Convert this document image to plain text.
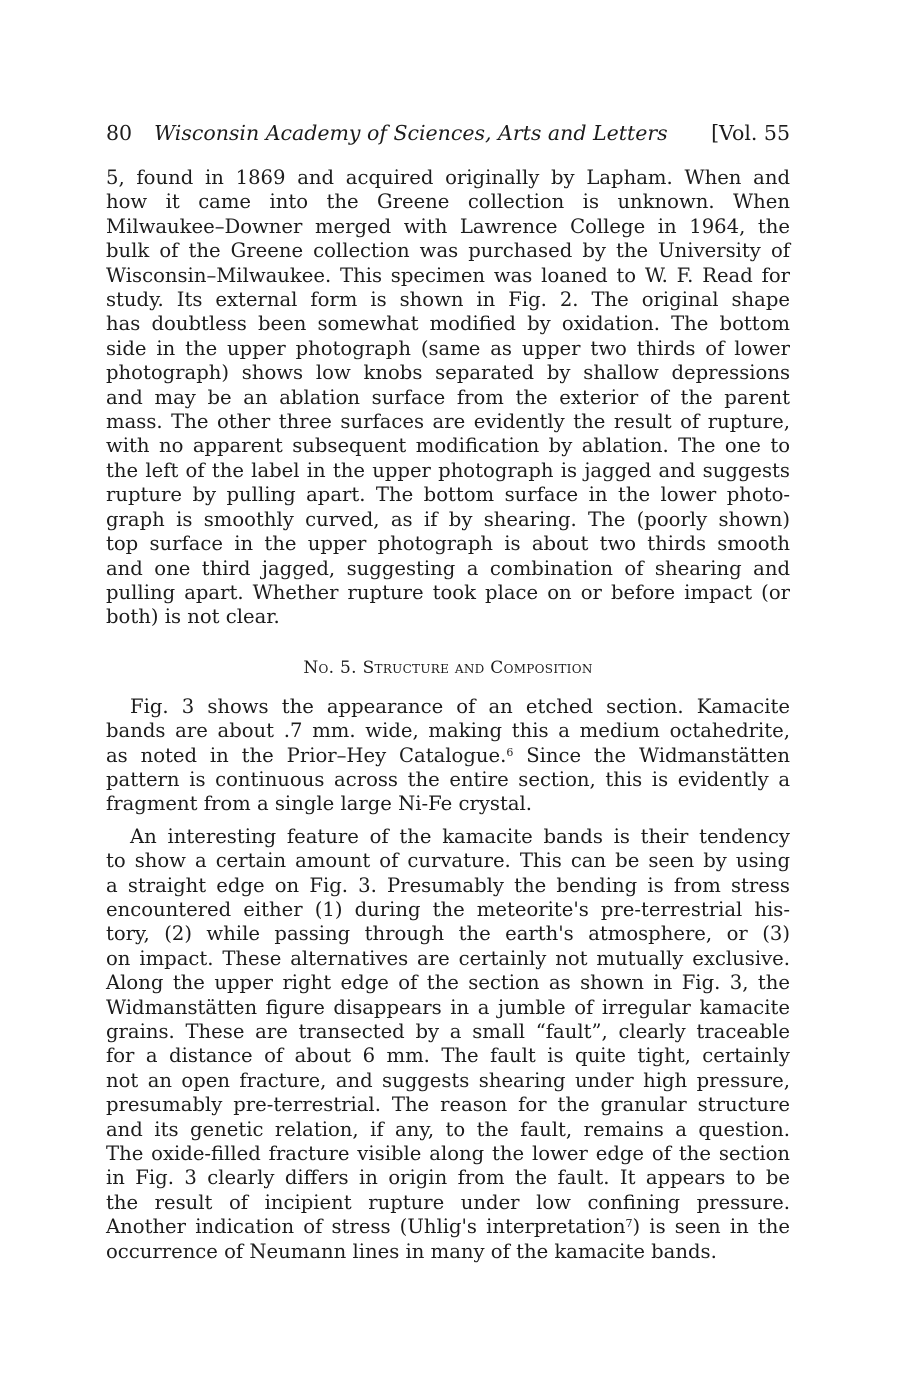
80 Wisconsin Academy of Sciences, Arts and Letters	[Vol. 55
5, found in 1869 and acquired originally by Lapham. When and
how it came into the Greene collection is unknown. When
Milwaukee–Downer merged with Lawrence College in 1964, the
bulk of the Greene collection was purchased by the University of
Wisconsin–Milwaukee. This specimen was loaned to W. F. Read for
study. Its external form is shown in Fig. 2. The original shape
has doubtless been somewhat modified by oxidation. The bottom
side in the upper photograph (same as upper two thirds of lower
photograph) shows low knobs separated by shallow depressions
and may be an ablation surface from the exterior of the parent
mass. The other three surfaces are evidently the result of rupture,
with no apparent subsequent modification by ablation. The one to
the left of the label in the upper photograph is jagged and suggests
rupture by pulling apart. The bottom surface in the lower photo-
graph is smoothly curved, as if by shearing. The (poorly shown)
top surface in the upper photograph is about two thirds smooth
and one third jagged, suggesting a combination of shearing and
pulling apart. Whether rupture took place on or before impact (or
both) is not clear.
No. 5. Structure and Composition
Fig. 3 shows the appearance of an etched section. Kamacite
bands are about .7 mm. wide, making this a medium octahedrite,
as noted in the Prior–Hey Catalogue.$^6$ Since the Widmanstätten
pattern is continuous across the entire section, this is evidently a
fragment from a single large Ni-Fe crystal.
An interesting feature of the kamacite bands is their tendency
to show a certain amount of curvature. This can be seen by using
a straight edge on Fig. 3. Presumably the bending is from stress
encountered either (1) during the meteorite's pre-terrestrial his-
tory, (2) while passing through the earth's atmosphere, or (3)
on impact. These alternatives are certainly not mutually exclusive.
Along the upper right edge of the section as shown in Fig. 3, the
Widmanstätten figure disappears in a jumble of irregular kamacite
grains. These are transected by a small “fault”, clearly traceable
for a distance of about 6 mm. The fault is quite tight, certainly
not an open fracture, and suggests shearing under high pressure,
presumably pre-terrestrial. The reason for the granular structure
and its genetic relation, if any, to the fault, remains a question.
The oxide-filled fracture visible along the lower edge of the section
in Fig. 3 clearly differs in origin from the fault. It appears to be
the result of incipient rupture under low confining pressure.
Another indication of stress (Uhlig's interpretation$^7$) is seen in the
occurrence of Neumann lines in many of the kamacite bands.
